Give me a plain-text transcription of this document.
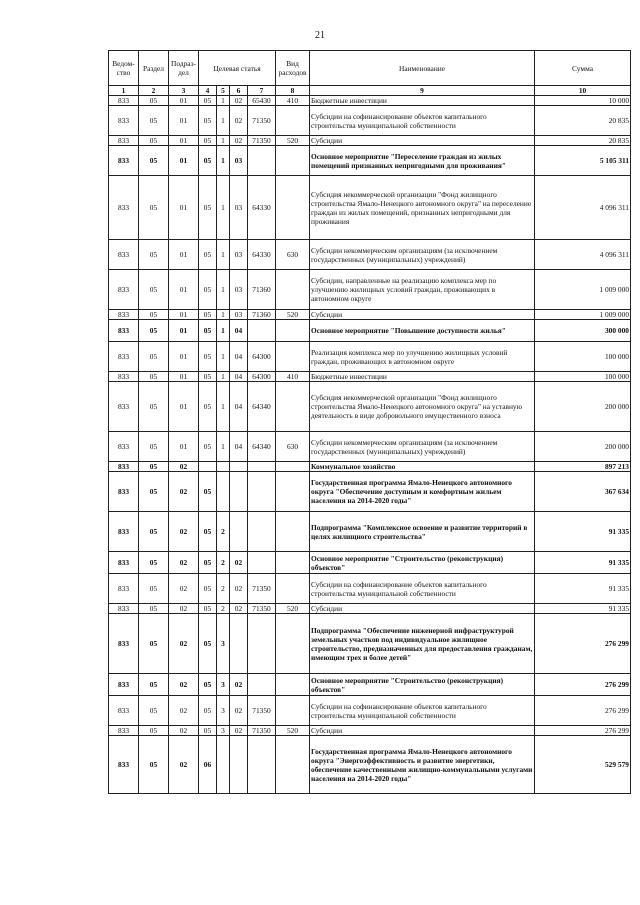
21
Ведом-ство	Раздел	Подраз-дел	Целевая статья				Вид расходов	Наименование	Сумма
1	2	3	4	5	6	7	8	9	10
833	05	01	05	1	02	65430	410	Бюджетные инвестиции	10 000
833	05	01	05	1	02	71350		Субсидии на софинансирование объектов капитального строительства муниципальной собственности	20 835
833	05	01	05	1	02	71350	520	Субсидии	20 835
833	05	01	05	1	03			Основное мероприятие "Переселение граждан из жилых помещений признанных непригодными для проживания"	5 105 311
833	05	01	05	1	03	64330		Субсидия некоммерческой организации "Фонд жилищного строительства Ямало-Ненецкого автономного округа" на переселение граждан из жилых помещений, признанных непригодными для проживания	4 096 311
833	05	01	05	1	03	64330	630	Субсидии некоммерческим организациям (за исключением государственных (муниципальных) учреждений)	4 096 311
833	05	01	05	1	03	71360		Субсидии, направленные на реализацию комплекса мер по улучшению жилищных условий граждан, проживающих в автономном округе	1 009 000
833	05	01	05	1	03	71360	520	Субсидии	1 009 000
833	05	01	05	1	04			Основное мероприятие "Повышение доступности жилья"	300 000
833	05	01	05	1	04	64300		Реализация комплекса мер по улучшению жилищных условий граждан, проживающих в автономном округе	100 000
833	05	01	05	1	04	64300	410	Бюджетные инвестиции	100 000
833	05	01	05	1	04	64340		Субсидия некоммерческой организации "Фонд жилищного строительства Ямало-Ненецкого автономного округа" на уставную деятельность в виде добровольного имущественного взноса	200 000
833	05	01	05	1	04	64340	630	Субсидии некоммерческим организациям (за исключением государственных (муниципальных) учреждений)	200 000
833	05	02						Коммунальное хозяйство	897 213
833	05	02	05					Государственная программа Ямало-Ненецкого автономного округа "Обеспечение доступным и комфортным жильем населения на 2014-2020 годы"	367 634
833	05	02	05	2				Подпрограмма "Комплексное освоение и развитие территорий в целях жилищного строительства"	91 335
833	05	02	05	2	02			Основное мероприятие "Строительство (реконструкция) объектов"	91 335
833	05	02	05	2	02	71350		Субсидии на софинансирование объектов капитального строительства муниципальной собственности	91 335
833	05	02	05	2	02	71350	520	Субсидии	91 335
833	05	02	05	3				Подпрограмма "Обеспечение инженерной инфраструктурой земельных участков под индивидуальное жилищное строительство, предназначенных для предоставления гражданам, имеющим трех и более детей"	276 299
833	05	02	05	3	02			Основное мероприятие "Строительство (реконструкция) объектов"	276 299
833	05	02	05	3	02	71350		Субсидии на софинансирование объектов капитального строительства муниципальной собственности	276 299
833	05	02	05	3	02	71350	520	Субсидии	276 299
833	05	02	06					Государственная программа Ямало-Ненецкого автономного округа "Энергоэффективность и развитие энергетики, обеспечение качественными жилищно-коммунальными услугами населения на 2014-2020 годы"	529 579
